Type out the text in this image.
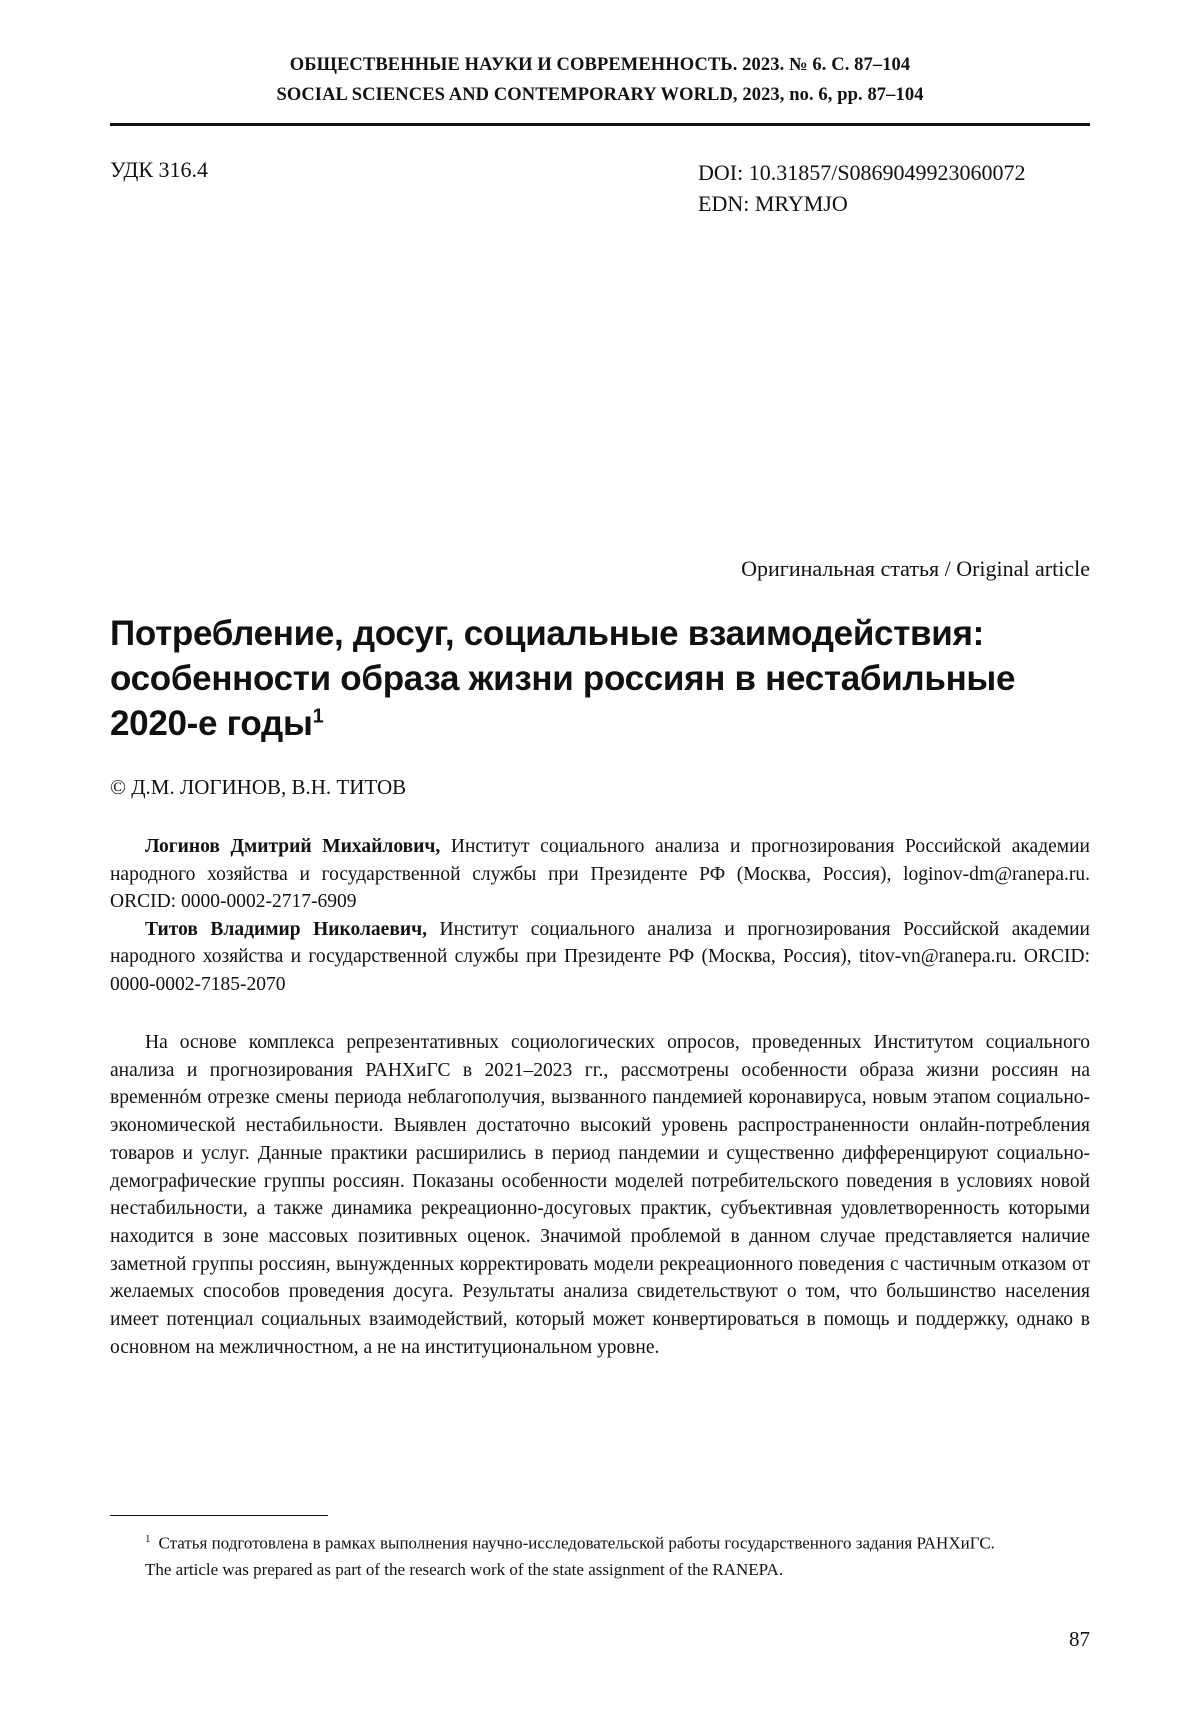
ОБЩЕСТВЕННЫЕ НАУКИ И СОВРЕМЕННОСТЬ. 2023. № 6. С. 87–104
SOCIAL SCIENCES AND CONTEMPORARY WORLD, 2023, no. 6, pp. 87–104
УДК 316.4	DOI: 10.31857/S0869049923060072
EDN: MRYMJO
Оригинальная статья / Original article
Потребление, досуг, социальные взаимодействия: особенности образа жизни россиян в нестабильные 2020-е годы$^1$
© Д.М. ЛОГИНОВ, В.Н. ТИТОВ

Логинов Дмитрий Михайлович, Институт социального анализа и прогнозирования Российской академии народного хозяйства и государственной службы при Президенте РФ (Москва, Россия), loginov-dm@ranepa.ru. ORCID: 0000-0002-2717-6909

Титов Владимир Николаевич, Институт социального анализа и прогнозирования Российской академии народного хозяйства и государственной службы при Президенте РФ (Москва, Россия), titov-vn@ranepa.ru. ORCID: 0000-0002-7185-2070

На основе комплекса репрезентативных социологических опросов, проведенных Институтом социального анализа и прогнозирования РАНХиГС в 2021–2023 гг., рассмотрены особенности образа жизни россиян на временнóм отрезке смены периода неблагополучия, вызванного пандемией коронавируса, новым этапом социально-экономической нестабильности. Выявлен достаточно высокий уровень распространенности онлайн-потребления товаров и услуг. Данные практики расширились в период пандемии и существенно дифференцируют социально-демографические группы россиян. Показаны особенности моделей потребительского поведения в условиях новой нестабильности, а также динамика рекреационно-досуговых практик, субъективная удовлетворенность которыми находится в зоне массовых позитивных оценок. Значимой проблемой в данном случае представляется наличие заметной группы россиян, вынужденных корректировать модели рекреационного поведения с частичным отказом от желаемых способов проведения досуга. Результаты анализа свидетельствуют о том, что большинство населения имеет потенциал социальных взаимодействий, который может конвертироваться в помощь и поддержку, однако в основном на межличностном, а не на институциональном уровне.

$^1$ Статья подготовлена в рамках выполнения научно-исследовательской работы государственного задания РАНХиГС.

The article was prepared as part of the research work of the state assignment of the RANEPA.

87
